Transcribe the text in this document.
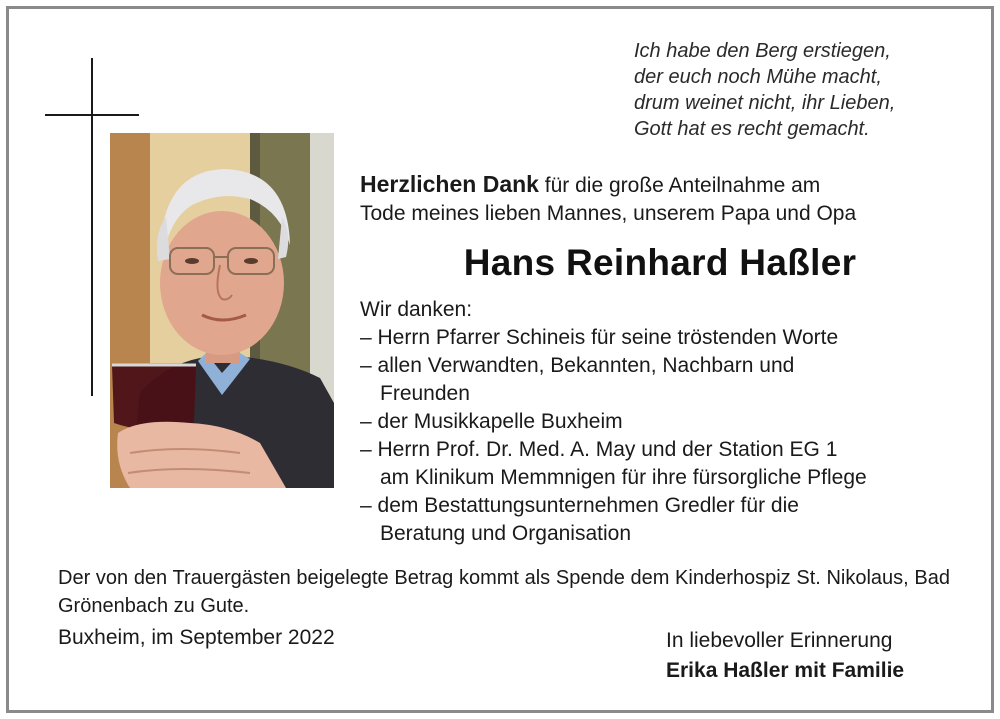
Ich habe den Berg erstiegen,
der euch noch Mühe macht,
drum weinet nicht, ihr Lieben,
Gott hat es recht gemacht.
Herzlichen Dank für die große Anteilnahme am
Tode meines lieben Mannes, unserem Papa und Opa
Hans Reinhard Haßler
Wir danken:
– Herrn Pfarrer Schineis für seine tröstenden Worte
– allen Verwandten, Bekannten, Nachbarn und
Freunden
– der Musikkapelle Buxheim
– Herrn Prof. Dr. Med. A. May und der Station EG 1
am Klinikum Memmnigen für ihre fürsorgliche Pflege
– dem Bestattungsunternehmen Gredler für die
Beratung und Organisation
Der von den Trauergästen beigelegte Betrag kommt als Spende dem Kinderhospiz St. Nikolaus, Bad Grönenbach zu Gute.
Buxheim, im September 2022	In liebevoller Erinnerung
Erika Haßler mit Familie
